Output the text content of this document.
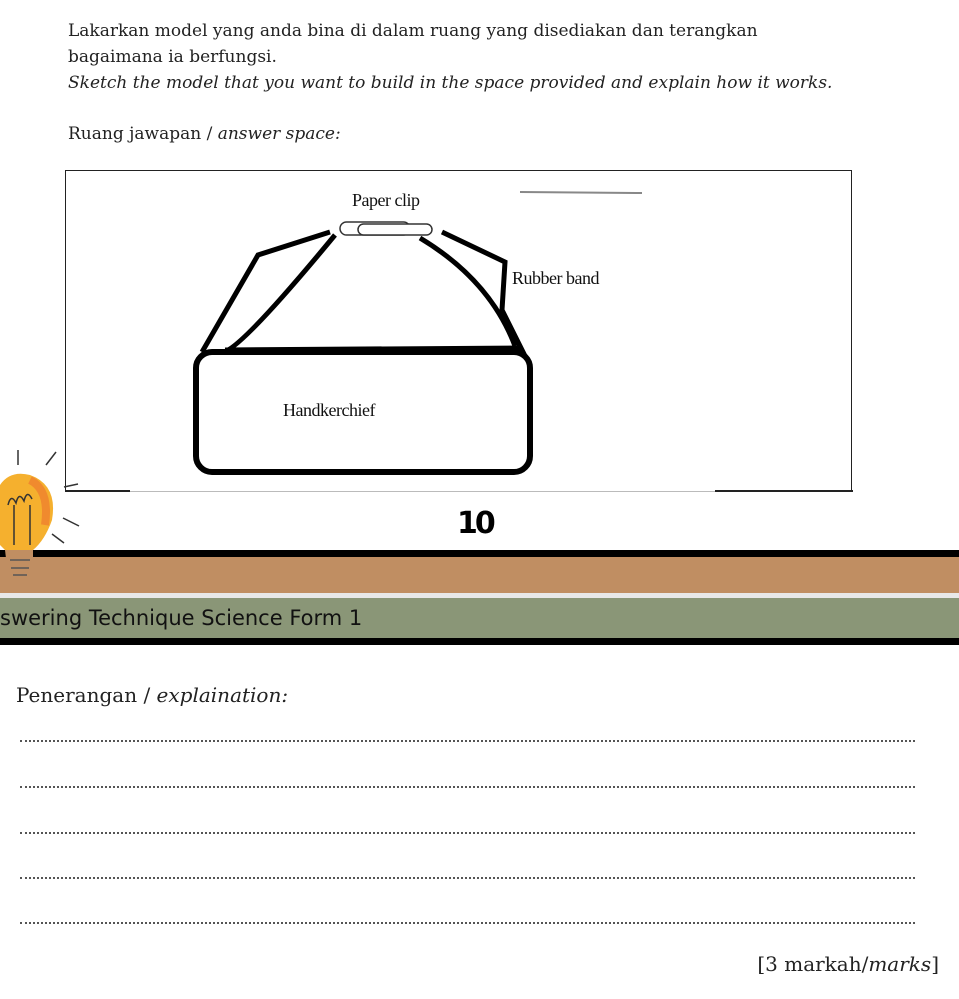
Lakarkan model yang anda bina di dalam ruang yang disediakan dan terangkan
bagaimana ia berfungsi.
Sketch the model that you want to build in the space provided and explain how it works.
Ruang jawapan / answer space:
Paper clip
Rubber band
Handkerchief
10
swering Technique Science Form 1
Penerangan / explaination:
[3 markah/marks]
